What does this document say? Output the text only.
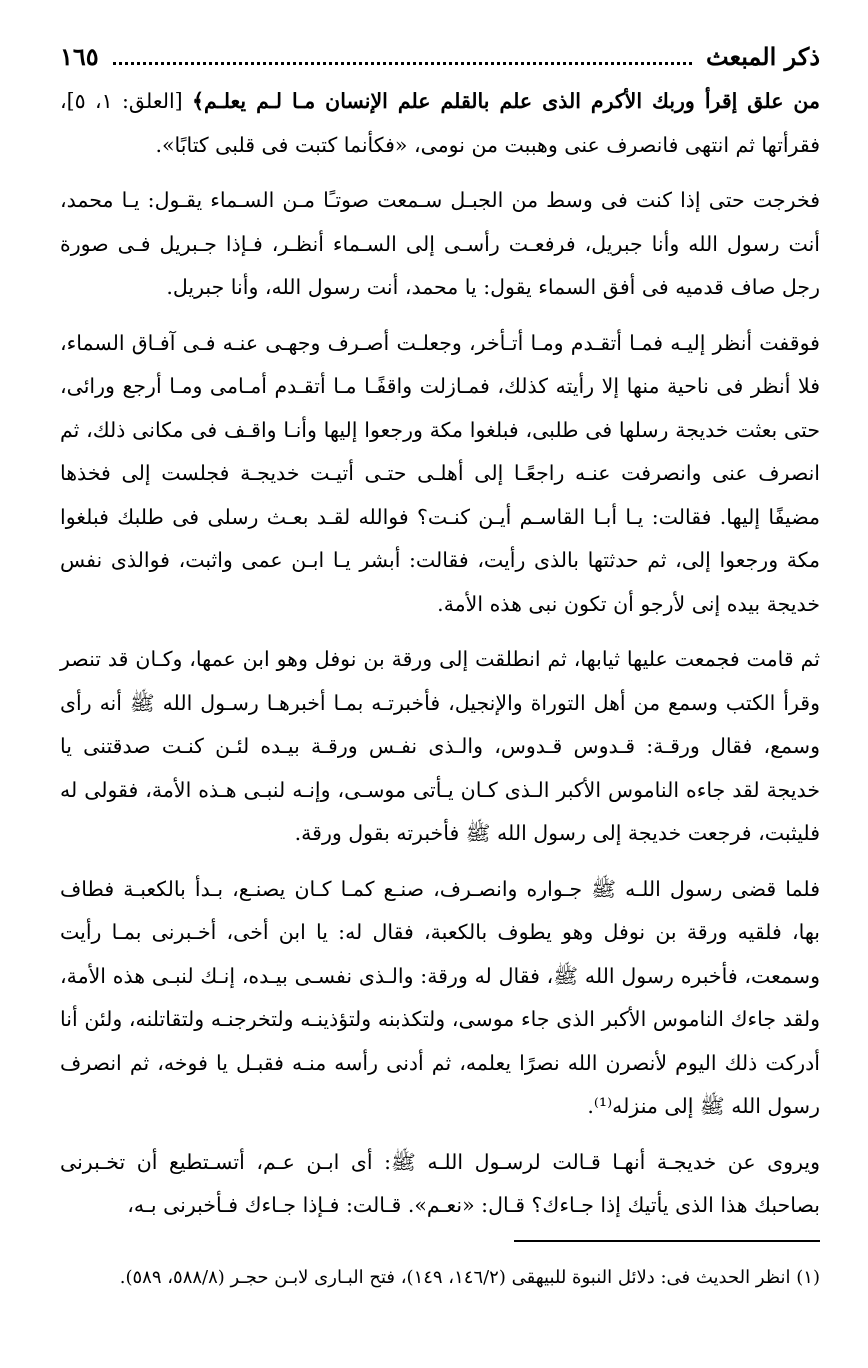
ذكر المبعث
١٦٥

من علق إقرأ وربك الأكرم الذى علم بالقلم علم الإنسان مـا لـم يعلـم﴾ [العلق: ١، ٥]، فقرأتها ثم انتهى فانصرف عنى وهببت من نومى، «فكأنما كتبت فى قلبى كتابًا».

فخرجت حتى إذا كنت فى وسط من الجبـل سـمعت صوتـًا مـن السـماء يقـول: يـا محمد، أنت رسول الله وأنا جبريل، فرفعـت رأسـى إلى السـماء أنظـر، فـإذا جـبريل فـى صورة رجل صاف قدميه فى أفق السماء يقول: يا محمد، أنت رسول الله، وأنا جبريل.

فوقفت أنظر إليـه فمـا أتقـدم ومـا أتـأخر، وجعلـت أصـرف وجهـى عنـه فـى آفـاق السماء، فلا أنظر فى ناحية منها إلا رأيته كذلك، فمـازلت واقفًـا مـا أتقـدم أمـامى ومـا أرجع ورائى، حتى بعثت خديجة رسلها فى طلبى، فبلغوا مكة ورجعوا إليها وأنـا واقـف فى مكانى ذلك، ثم انصرف عنى وانصرفت عنـه راجعًـا إلى أهلـى حتـى أتيـت خديجـة فجلست إلى فخذها مضيفًا إليها. فقالت: يـا أبـا القاسـم أيـن كنـت؟ فوالله لقـد بعـث رسلى فى طلبك فبلغوا مكة ورجعوا إلى، ثم حدثتها بالذى رأيت، فقالت: أبشر يـا ابـن عمى واثبت، فوالذى نفس خديجة بيده إنى لأرجو أن تكون نبى هذه الأمة.

ثم قامت فجمعت عليها ثيابها، ثم انطلقت إلى ورقة بن نوفل وهو ابن عمها، وكـان قد تنصر وقرأ الكتب وسمع من أهل التوراة والإنجيل، فأخبرتـه بمـا أخبرهـا رسـول الله ﷺ أنه رأى وسمع، فقال ورقـة: قـدوس قـدوس، والـذى نفـس ورقـة بيـده لئـن كنـت صدقتنى يا خديجة لقد جاءه الناموس الأكبر الـذى كـان يـأتى موسـى، وإنـه لنبـى هـذه الأمة، فقولى له فليثبت، فرجعت خديجة إلى رسول الله ﷺ فأخبرته بقول ورقة.

فلما قضى رسول اللـه ﷺ جـواره وانصـرف، صنـع كمـا كـان يصنـع، بـدأ بالكعبـة فطاف بها، فلقيه ورقة بن نوفل وهو يطوف بالكعبة، فقال له: يا ابن أخى، أخـبرنى بمـا رأيت وسمعت، فأخبره رسول الله ﷺ، فقال له ورقة: والـذى نفسـى بيـده، إنـك لنبـى هذه الأمة، ولقد جاءك الناموس الأكبر الذى جاء موسى، ولتكذبنه ولتؤذينـه ولتخرجنـه ولتقاتلنه، ولئن أنا أدركت ذلك اليوم لأنصرن الله نصرًا يعلمه، ثم أدنى رأسه منـه فقبـل يا فوخه، ثم انصرف رسول الله ﷺ إلى منزله⁽¹⁾.

ويروى عن خديجـة أنهـا قـالت لرسـول اللـه ﷺ: أى ابـن عـم، أتسـتطيع أن تخـبرنى بصاحبك هذا الذى يأتيك إذا جـاءك؟ قـال: «نعـم». قـالت: فـإذا جـاءك فـأخبرنى بـه،

(١) انظر الحديث فى: دلائل النبوة للبيهقى (١٤٦/٢، ١٤٩)، فتح البـارى لابـن حجـر (٥٨٨/٨، ٥٨٩).
